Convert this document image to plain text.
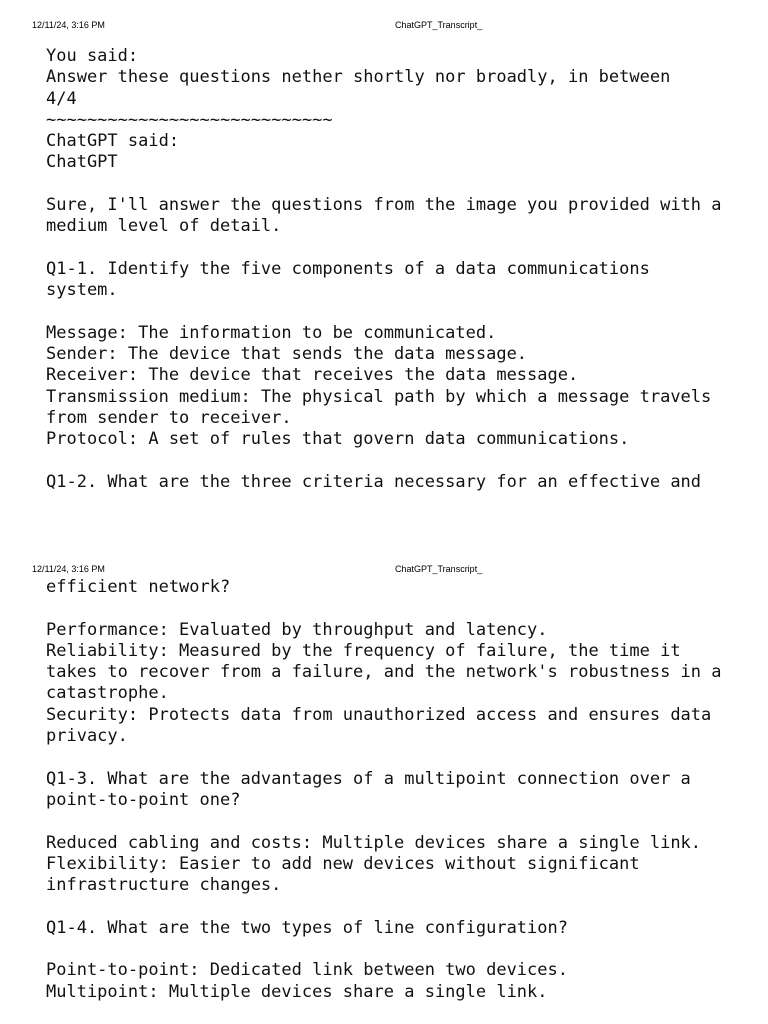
12/11/24, 3:16 PM	ChatGPT_Transcript_
You said:
Answer these questions nether shortly nor broadly, in between
4/4
~~~~~~~~~~~~~~~~~~~~~~~~~~~~
ChatGPT said:
ChatGPT
Sure, I'll answer the questions from the image you provided with a
medium level of detail.
Q1-1. Identify the five components of a data communications
system.
Message: The information to be communicated.
Sender: The device that sends the data message.
Receiver: The device that receives the data message.
Transmission medium: The physical path by which a message travels
from sender to receiver.
Protocol: A set of rules that govern data communications.
Q1-2. What are the three criteria necessary for an effective and
12/11/24, 3:16 PM	ChatGPT_Transcript_
efficient network?
Performance: Evaluated by throughput and latency.
Reliability: Measured by the frequency of failure, the time it
takes to recover from a failure, and the network's robustness in a
catastrophe.
Security: Protects data from unauthorized access and ensures data
privacy.
Q1-3. What are the advantages of a multipoint connection over a
point-to-point one?
Reduced cabling and costs: Multiple devices share a single link.
Flexibility: Easier to add new devices without significant
infrastructure changes.
Q1-4. What are the two types of line configuration?
Point-to-point: Dedicated link between two devices.
Multipoint: Multiple devices share a single link.
